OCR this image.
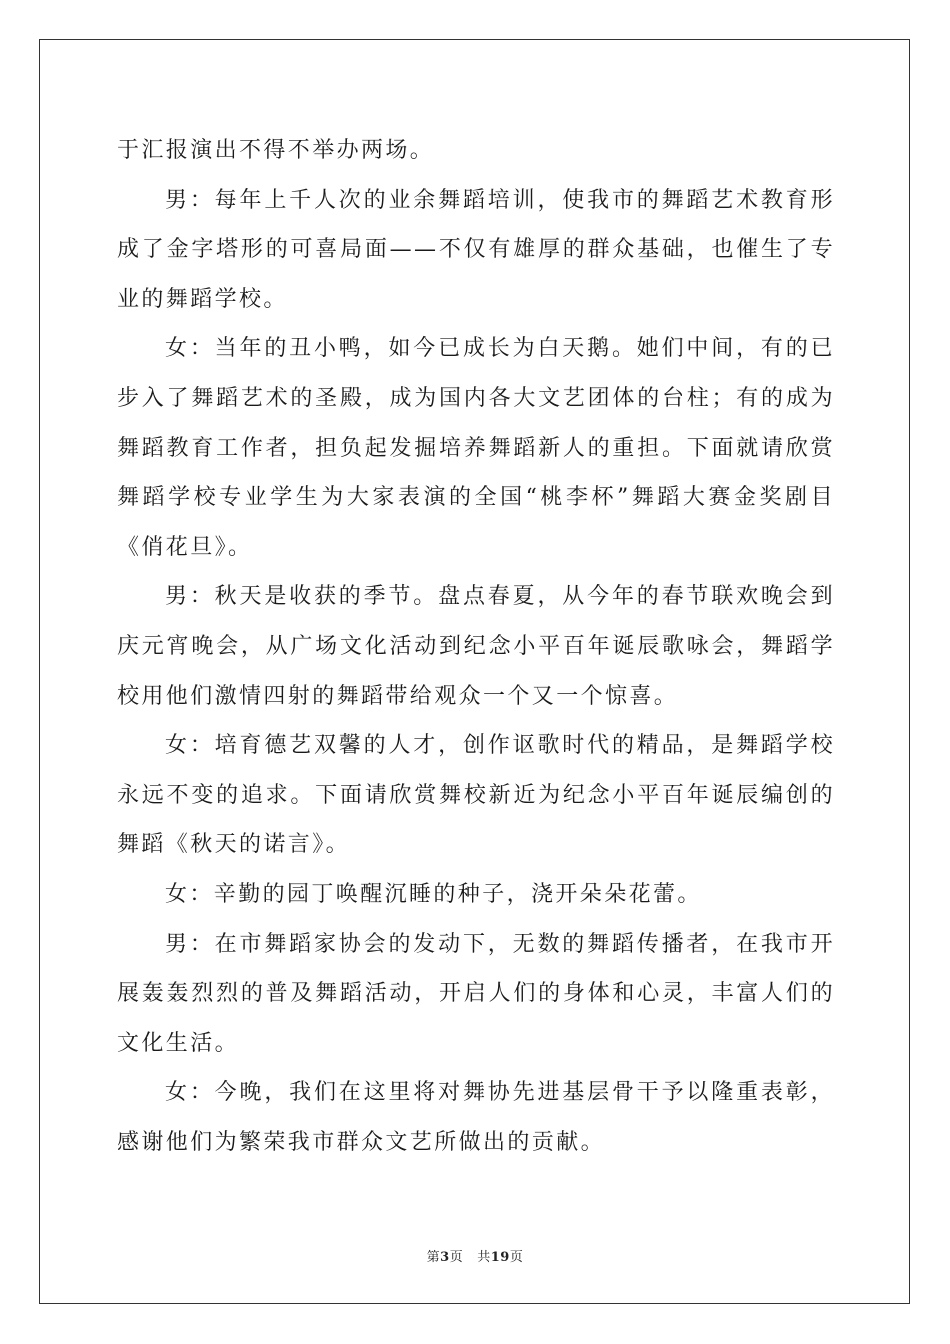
于汇报演出不得不举办两场。

男：每年上千人次的业余舞蹈培训，使我市的舞蹈艺术教育形成了金字塔形的可喜局面——不仅有雄厚的群众基础，也催生了专业的舞蹈学校。

女：当年的丑小鸭，如今已成长为白天鹅。她们中间，有的已步入了舞蹈艺术的圣殿，成为国内各大文艺团体的台柱；有的成为舞蹈教育工作者，担负起发掘培养舞蹈新人的重担。下面就请欣赏舞蹈学校专业学生为大家表演的全国“桃李杯”舞蹈大赛金奖剧目《俏花旦》。

男：秋天是收获的季节。盘点春夏，从今年的春节联欢晚会到庆元宵晚会，从广场文化活动到纪念小平百年诞辰歌咏会，舞蹈学校用他们激情四射的舞蹈带给观众一个又一个惊喜。

女：培育德艺双馨的人才，创作讴歌时代的精品，是舞蹈学校永远不变的追求。下面请欣赏舞校新近为纪念小平百年诞辰编创的舞蹈《秋天的诺言》。

女：辛勤的园丁唤醒沉睡的种子，浇开朵朵花蕾。

男：在市舞蹈家协会的发动下，无数的舞蹈传播者，在我市开展轰轰烈烈的普及舞蹈活动，开启人们的身体和心灵，丰富人们的文化生活。

女：今晚，我们在这里将对舞协先进基层骨干予以隆重表彰，感谢他们为繁荣我市群众文艺所做出的贡献。

第3页 共19页
